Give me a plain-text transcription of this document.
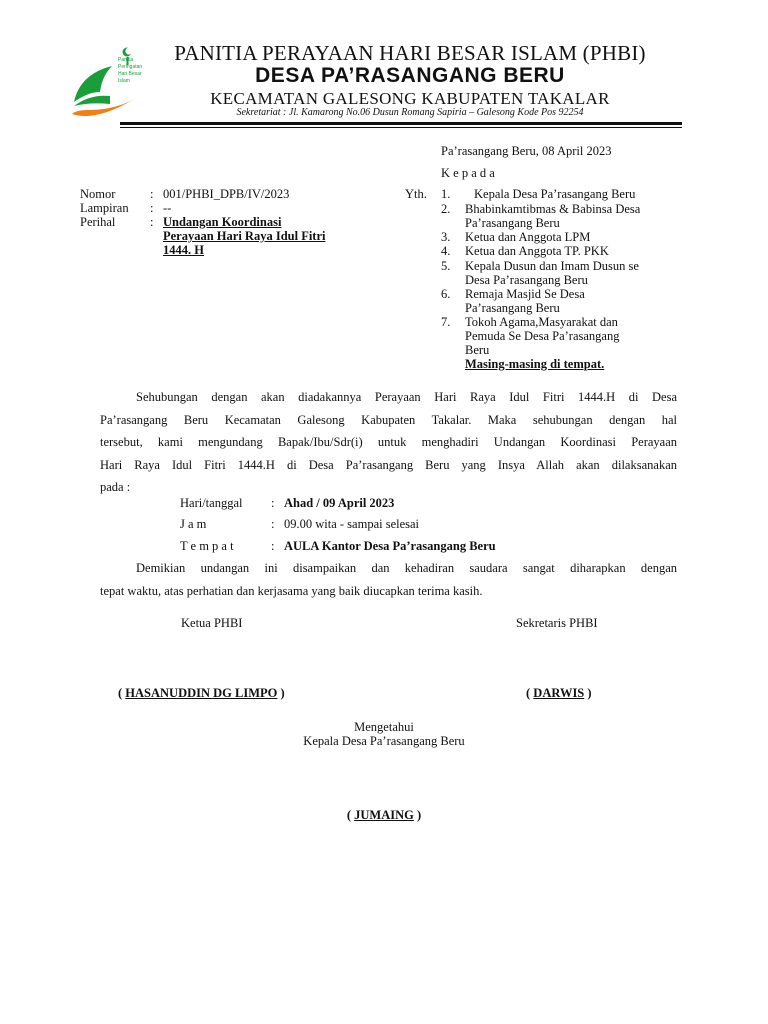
Panitia
Peringatan
Hari Besar
Islam
PANITIA PERAYAAN HARI BESAR ISLAM (PHBI)
DESA PA’RASANGANG BERU
KECAMATAN GALESONG KABUPATEN TAKALAR
Sekretariat : Jl. Kamarong No.06 Dusun Romang Sapiria – Galesong Kode Pos 92254
Pa’rasangang Beru, 08 April 2023
K e p a d a
Nomor	: 001/PHBI_DPB/IV/2023
Lampiran : --
Perihal	: Undangan Koordinasi
Perayaan Hari Raya Idul Fitri
1444. H
Yth. 1. Kepala Desa Pa’rasangang Beru
2. Bhabinkamtibmas & Babinsa Desa
Pa’rasangang Beru
3. Ketua dan Anggota LPM
4. Ketua dan Anggota TP. PKK
5. Kepala Dusun dan Imam Dusun se
Desa Pa’rasangang Beru
6. Remaja Masjid Se Desa
Pa’rasangang Beru
7. Tokoh Agama,Masyarakat dan
Pemuda Se Desa Pa’rasangang
Beru
Masing-masing di tempat.
Sehubungan dengan akan diadakannya Perayaan Hari Raya Idul Fitri 1444.H di Desa
Pa’rasangang Beru Kecamatan Galesong Kabupaten Takalar. Maka sehubungan dengan hal
tersebut, kami mengundang Bapak/Ibu/Sdr(i) untuk menghadiri Undangan Koordinasi Perayaan
Hari Raya Idul Fitri 1444.H di Desa Pa’rasangang Beru yang Insya Allah akan dilaksanakan
pada :
Hari/tanggal : Ahad / 09 April 2023
J a m	: 09.00 wita - sampai selesai
T e m p a t	: AULA Kantor Desa Pa’rasangang Beru
Demikian undangan ini disampaikan dan kehadiran saudara sangat diharapkan dengan
tepat waktu, atas perhatian dan kerjasama yang baik diucapkan terima kasih.
Ketua PHBI	Sekretaris PHBI
( HASANUDDIN DG LIMPO )	( DARWIS )
Mengetahui
Kepala Desa Pa’rasangang Beru
( JUMAING )
